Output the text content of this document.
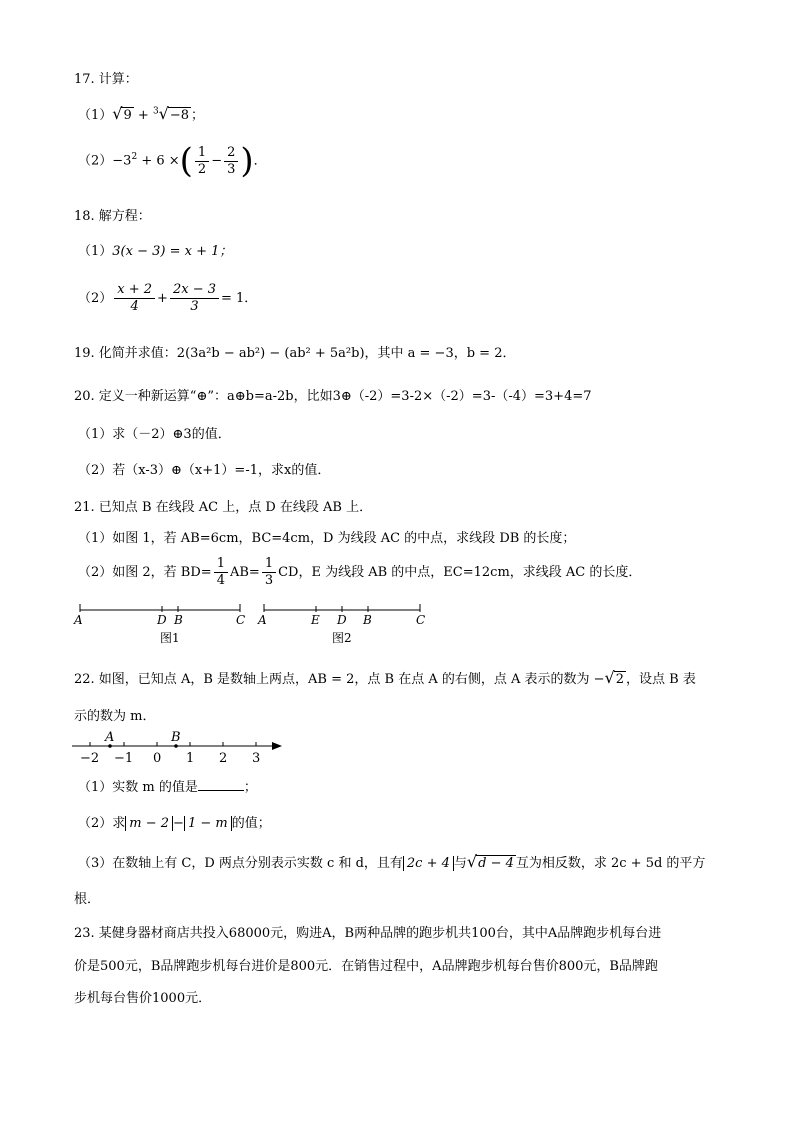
17. 计算：
（1）√9 + $^3$√−8 ；
$(2)-3^2 + 6$ ×( $\frac{1}{2} - \frac{2}{3}$ )．
18. 解方程：
（1）3(x − 3) = x + 1；
$(2) \frac{x + 2}{4} + \frac{2x - 3}{3} = 1$．
19. 化简并求值：2(3a²b − ab²) − (ab² + 5a²b)，其中 a = −3，b = 2．
20. 定义一种新运算“⊕”：a⊕b=a-2b，比如3⊕（-2）=3-2×（-2）=3-（-4）=3+4=7
（1）求（－2）⊕3的值．
（2）若（x-3）⊕（x+1）=-1，求x的值．
21. 已知点 B 在线段 AC 上，点 D 在线段 AB 上．
（1）如图 1，若 AB=6cm，BC=4cm，D 为线段 AC 的中点，求线段 DB 的长度；
（2）如图 2，若 $BD= \frac{1}{4} AB= \frac{1}{3}$ CD，E 为线段 AB 的中点，EC=12cm，求线段 AC 的长度．
A	D B	C
图1
A	E D B	C
图2
22. 如图，已知点 A，B 是数轴上两点，AB = 2，点 B 在点 A 的右侧，点 A 表示的数为 −√2 ，设点 B 表
示的数为 m．
A	B
−2 −1 0 1 2 3
（1）实数 m 的值是	；
（2）求 m − 2 − 1 − m 的值；
（3）在数轴上有 C，D 两点分别表示实数 c 和 d，且有 2c + 4 与√d − 4 互为相反数，求 2c + 5d 的平方
根．
23. 某健身器材商店共投入68000元，购进A，B两种品牌的跑步机共100台，其中A品牌跑步机每台进
价是500元，B品牌跑步机每台进价是800元．在销售过程中，A品牌跑步机每台售价800元，B品牌跑
步机每台售价1000元．
